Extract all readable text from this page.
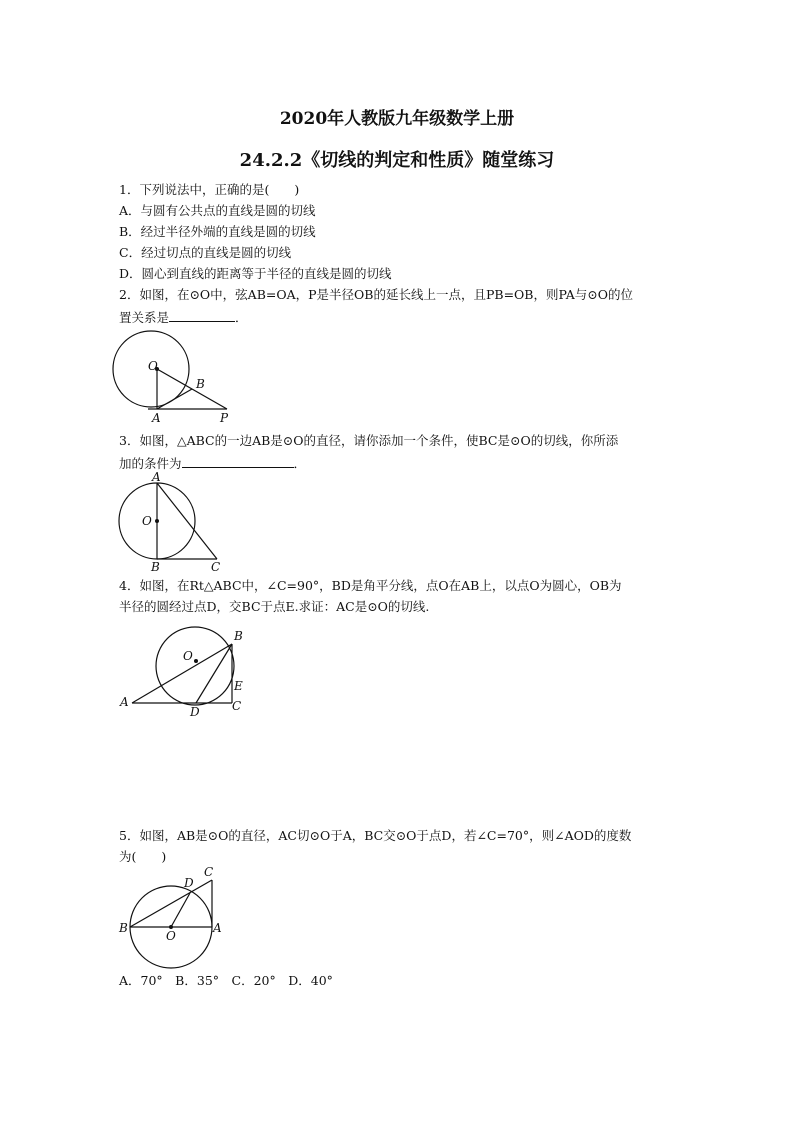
2020年人教版九年级数学上册
24.2.2《切线的判定和性质》随堂练习
1．下列说法中，正确的是(　　)
A．与圆有公共点的直线是圆的切线
B．经过半径外端的直线是圆的切线
C．经过切点的直线是圆的切线
D．圆心到直线的距离等于半径的直线是圆的切线
2．如图，在⊙O中，弦AB=OA，P是半径OB的延长线上一点，且PB=OB，则PA与⊙O的位
置关系是	．
O
B
A	P
3．如图，△ABC的一边AB是⊙O的直径，请你添加一个条件，使BC是⊙O的切线，你所添
加的条件为	．
A
O
B	C
4．如图，在Rt△ABC中，∠C=90°，BD是角平分线，点O在AB上，以点O为圆心，OB为
半径的圆经过点D，交BC于点E.求证：AC是⊙O的切线.
B
O
E
A
D	C
5．如图，AB是⊙O的直径，AC切⊙O于A，BC交⊙O于点D，若∠C=70°，则∠AOD的度数
为(　　)
C
D
B
O
A
A．70°　B．35°　C．20°　D．40°
